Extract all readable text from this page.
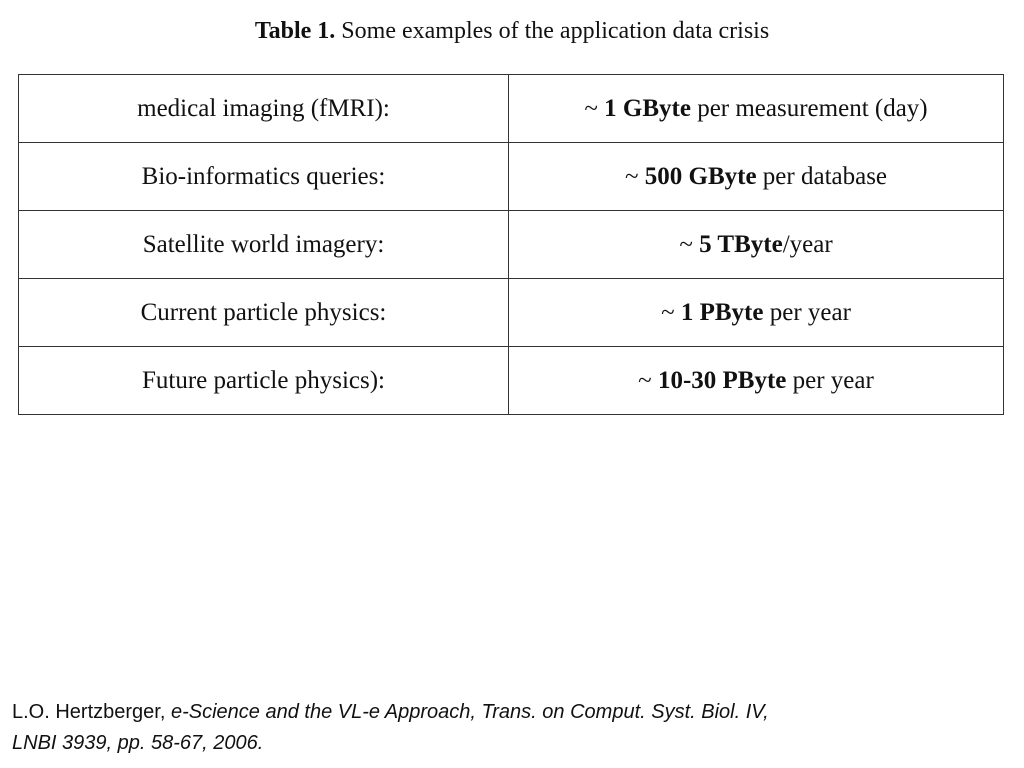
Table 1. Some examples of the application data crisis
medical imaging (fMRI):	~ 1 GByte per measurement (day)
Bio-informatics queries:	~ 500 GByte per database
Satellite world imagery:	~ 5 TByte/year
Current particle physics:	~ 1 PByte per year
Future particle physics):	~ 10-30 PByte per year
L.O. Hertzberger, e-Science and the VL-e Approach, Trans. on Comput. Syst. Biol. IV,
LNBI 3939, pp. 58-67, 2006.
